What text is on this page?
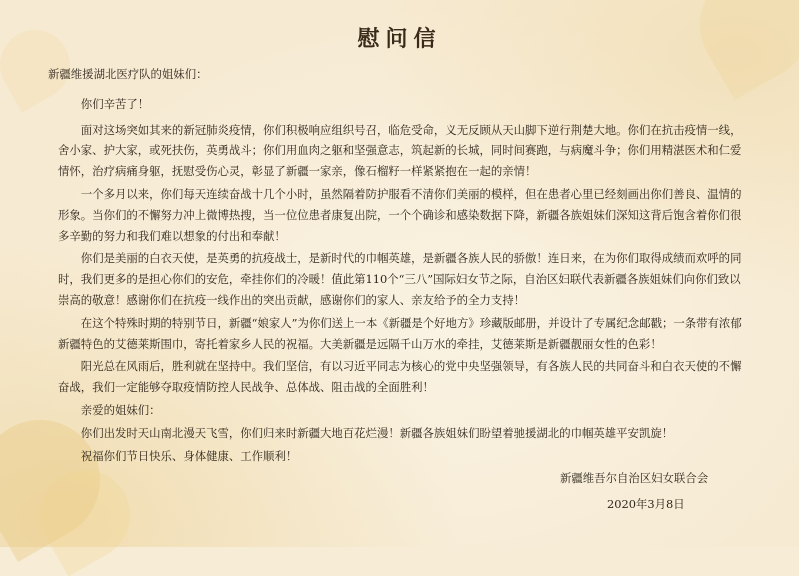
慰问信

新疆维援湖北医疗队的姐妹们：

你们辛苦了！

面对这场突如其来的新冠肺炎疫情，你们积极响应组织号召，临危受命，义无反顾从天山脚下逆行荆楚大地。你们在抗击疫情一线，舍小家、护大家，或死扶伤，英勇战斗；你们用血肉之躯和坚强意志，筑起新的长城，同时间赛跑，与病魔斗争；你们用精湛医术和仁爱情怀，治疗病痛身躯，抚慰受伤心灵，彰显了新疆一家亲，像石榴籽一样紧紧抱在一起的亲情！

一个多月以来，你们每天连续奋战十几个小时，虽然隔着防护服看不清你们美丽的模样，但在患者心里已经刻画出你们善良、温情的形象。当你们的不懈努力冲上微博热搜，当一位位患者康复出院，一个个确诊和感染数据下降，新疆各族姐妹们深知这背后饱含着你们很多辛勤的努力和我们难以想象的付出和奉献！

你们是美丽的白衣天使，是英勇的抗疫战士，是新时代的巾帼英雄，是新疆各族人民的骄傲！连日来，在为你们取得成绩而欢呼的同时，我们更多的是担心你们的安危，牵挂你们的冷暖！值此第110个“三八”国际妇女节之际，自治区妇联代表新疆各族姐妹们向你们致以崇高的敬意！感谢你们在抗疫一线作出的突出贡献，感谢你们的家人、亲友给予的全力支持！

在这个特殊时期的特别节日，新疆“娘家人”为你们送上一本《新疆是个好地方》珍藏版邮册，并设计了专属纪念邮戳；一条带有浓郁新疆特色的艾德莱斯围巾，寄托着家乡人民的祝福。大美新疆是远隔千山万水的牵挂，艾德莱斯是新疆靓丽女性的色彩！

阳光总在风雨后，胜利就在坚持中。我们坚信，有以习近平同志为核心的党中央坚强领导，有各族人民的共同奋斗和白衣天使的不懈奋战，我们一定能够夺取疫情防控人民战争、总体战、阻击战的全面胜利！

亲爱的姐妹们：

你们出发时天山南北漫天飞雪，你们归来时新疆大地百花烂漫！新疆各族姐妹们盼望着驰援湖北的巾帼英雄平安凯旋！

祝福你们节日快乐、身体健康、工作顺利！

新疆维吾尔自治区妇女联合会
2020年3月8日
